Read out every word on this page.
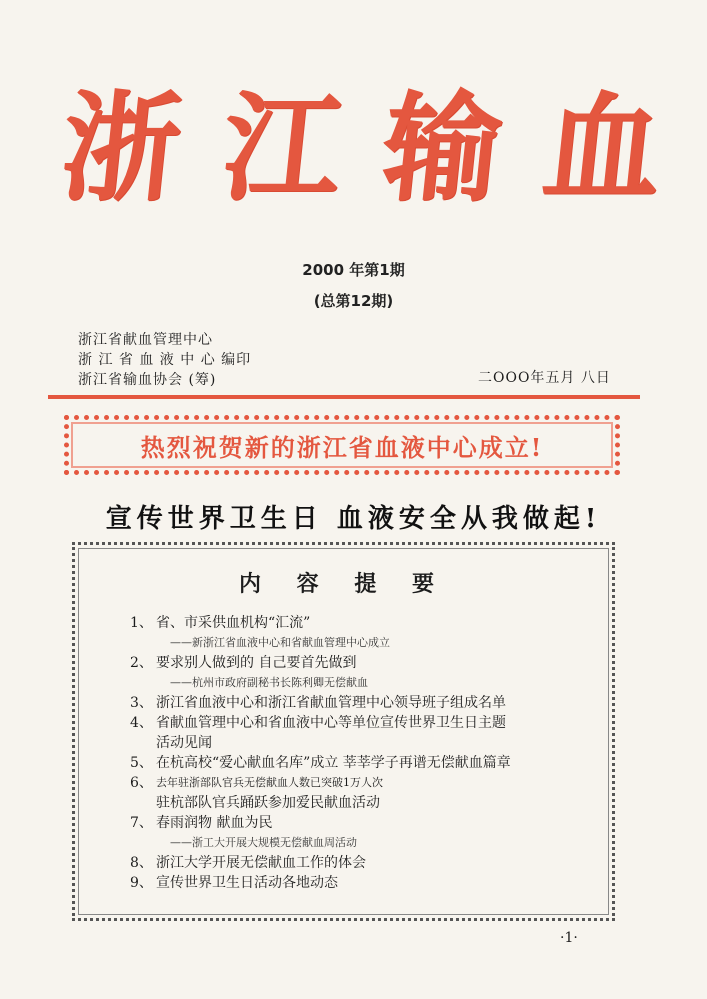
浙 江 输 血
2000 年第1期
(总第12期)
浙江省献血管理中心
浙 江 省 血 液 中 心 编印
浙江省输血协会 (筹)	二OOO年五月 八日
热烈祝贺新的浙江省血液中心成立!
宣传世界卫生日 血液安全从我做起!
内 容 提 要
1、 省、市采供血机构“汇流”
——新浙江省血液中心和省献血管理中心成立
2、 要求别人做到的 自己要首先做到
——杭州市政府副秘书长陈利卿无偿献血
3、 浙江省血液中心和浙江省献血管理中心领导班子组成名单
4、 省献血管理中心和省血液中心等单位宣传世界卫生日主题
活动见闻
5、 在杭高校“爱心献血名库”成立 莘莘学子再谱无偿献血篇章
6、 去年驻浙部队官兵无偿献血人数已突破1万人次
驻杭部队官兵踊跃参加爱民献血活动
7、 春雨润物 献血为民
——浙工大开展大规模无偿献血周活动
8、 浙江大学开展无偿献血工作的体会
9、 宣传世界卫生日活动各地动态
·1·
